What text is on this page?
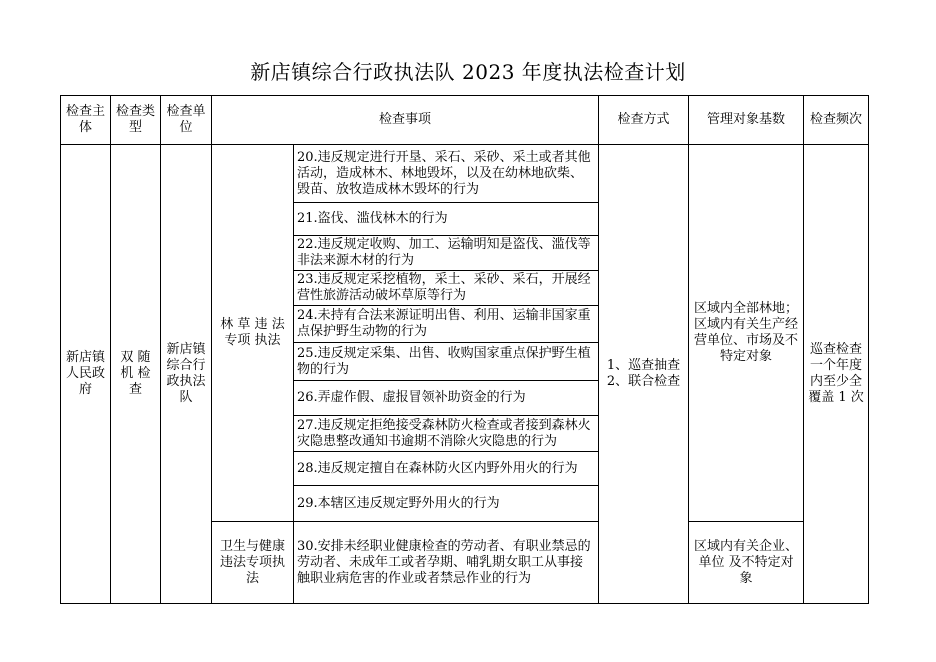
新店镇综合行政执法队 2023 年度执法检查计划
检查主体	检查类型	检查单位	检查事项		检查方式	管理对象基数	检查频次
新店镇人民政府	双 随 机 检 查	新店镇综合行政执法队	林 草 违 法 专项 执法	20.违反规定进行开垦、采石、采砂、采土或者其他活动，造成林木、林地毁坏，以及在幼林地砍柴、毁苗、放牧造成林木毁坏的行为	1、巡查抽查 2、联合检查	区域内全部林地；区域内有关生产经 营单位、市场及不 特定对象	巡查检查一个年度内至少全覆盖 1 次
				21.盗伐、滥伐林木的行为			
				22.违反规定收购、加工、运输明知是盗伐、滥伐等非法来源木材的行为			
				23.违反规定采挖植物，采土、采砂、采石，开展经营性旅游活动破坏草原等行为			
				24.未持有合法来源证明出售、利用、运输非国家重点保护野生动物的行为			
				25.违反规定采集、出售、收购国家重点保护野生植物的行为			
				26.弄虚作假、虚报冒领补助资金的行为			
				27.违反规定拒绝接受森林防火检查或者接到森林火灾隐患整改通知书逾期不消除火灾隐患的行为			
				28.违反规定擅自在森林防火区内野外用火的行为			
				29.本辖区违反规定野外用火的行为			
			卫生与健康违法专项执法	30.安排未经职业健康检查的劳动者、有职业禁忌的劳动者、未成年工或者孕期、哺乳期女职工从事接触职业病危害的作业或者禁忌作业的行为		区域内有关企业、单位 及不特定对象	
